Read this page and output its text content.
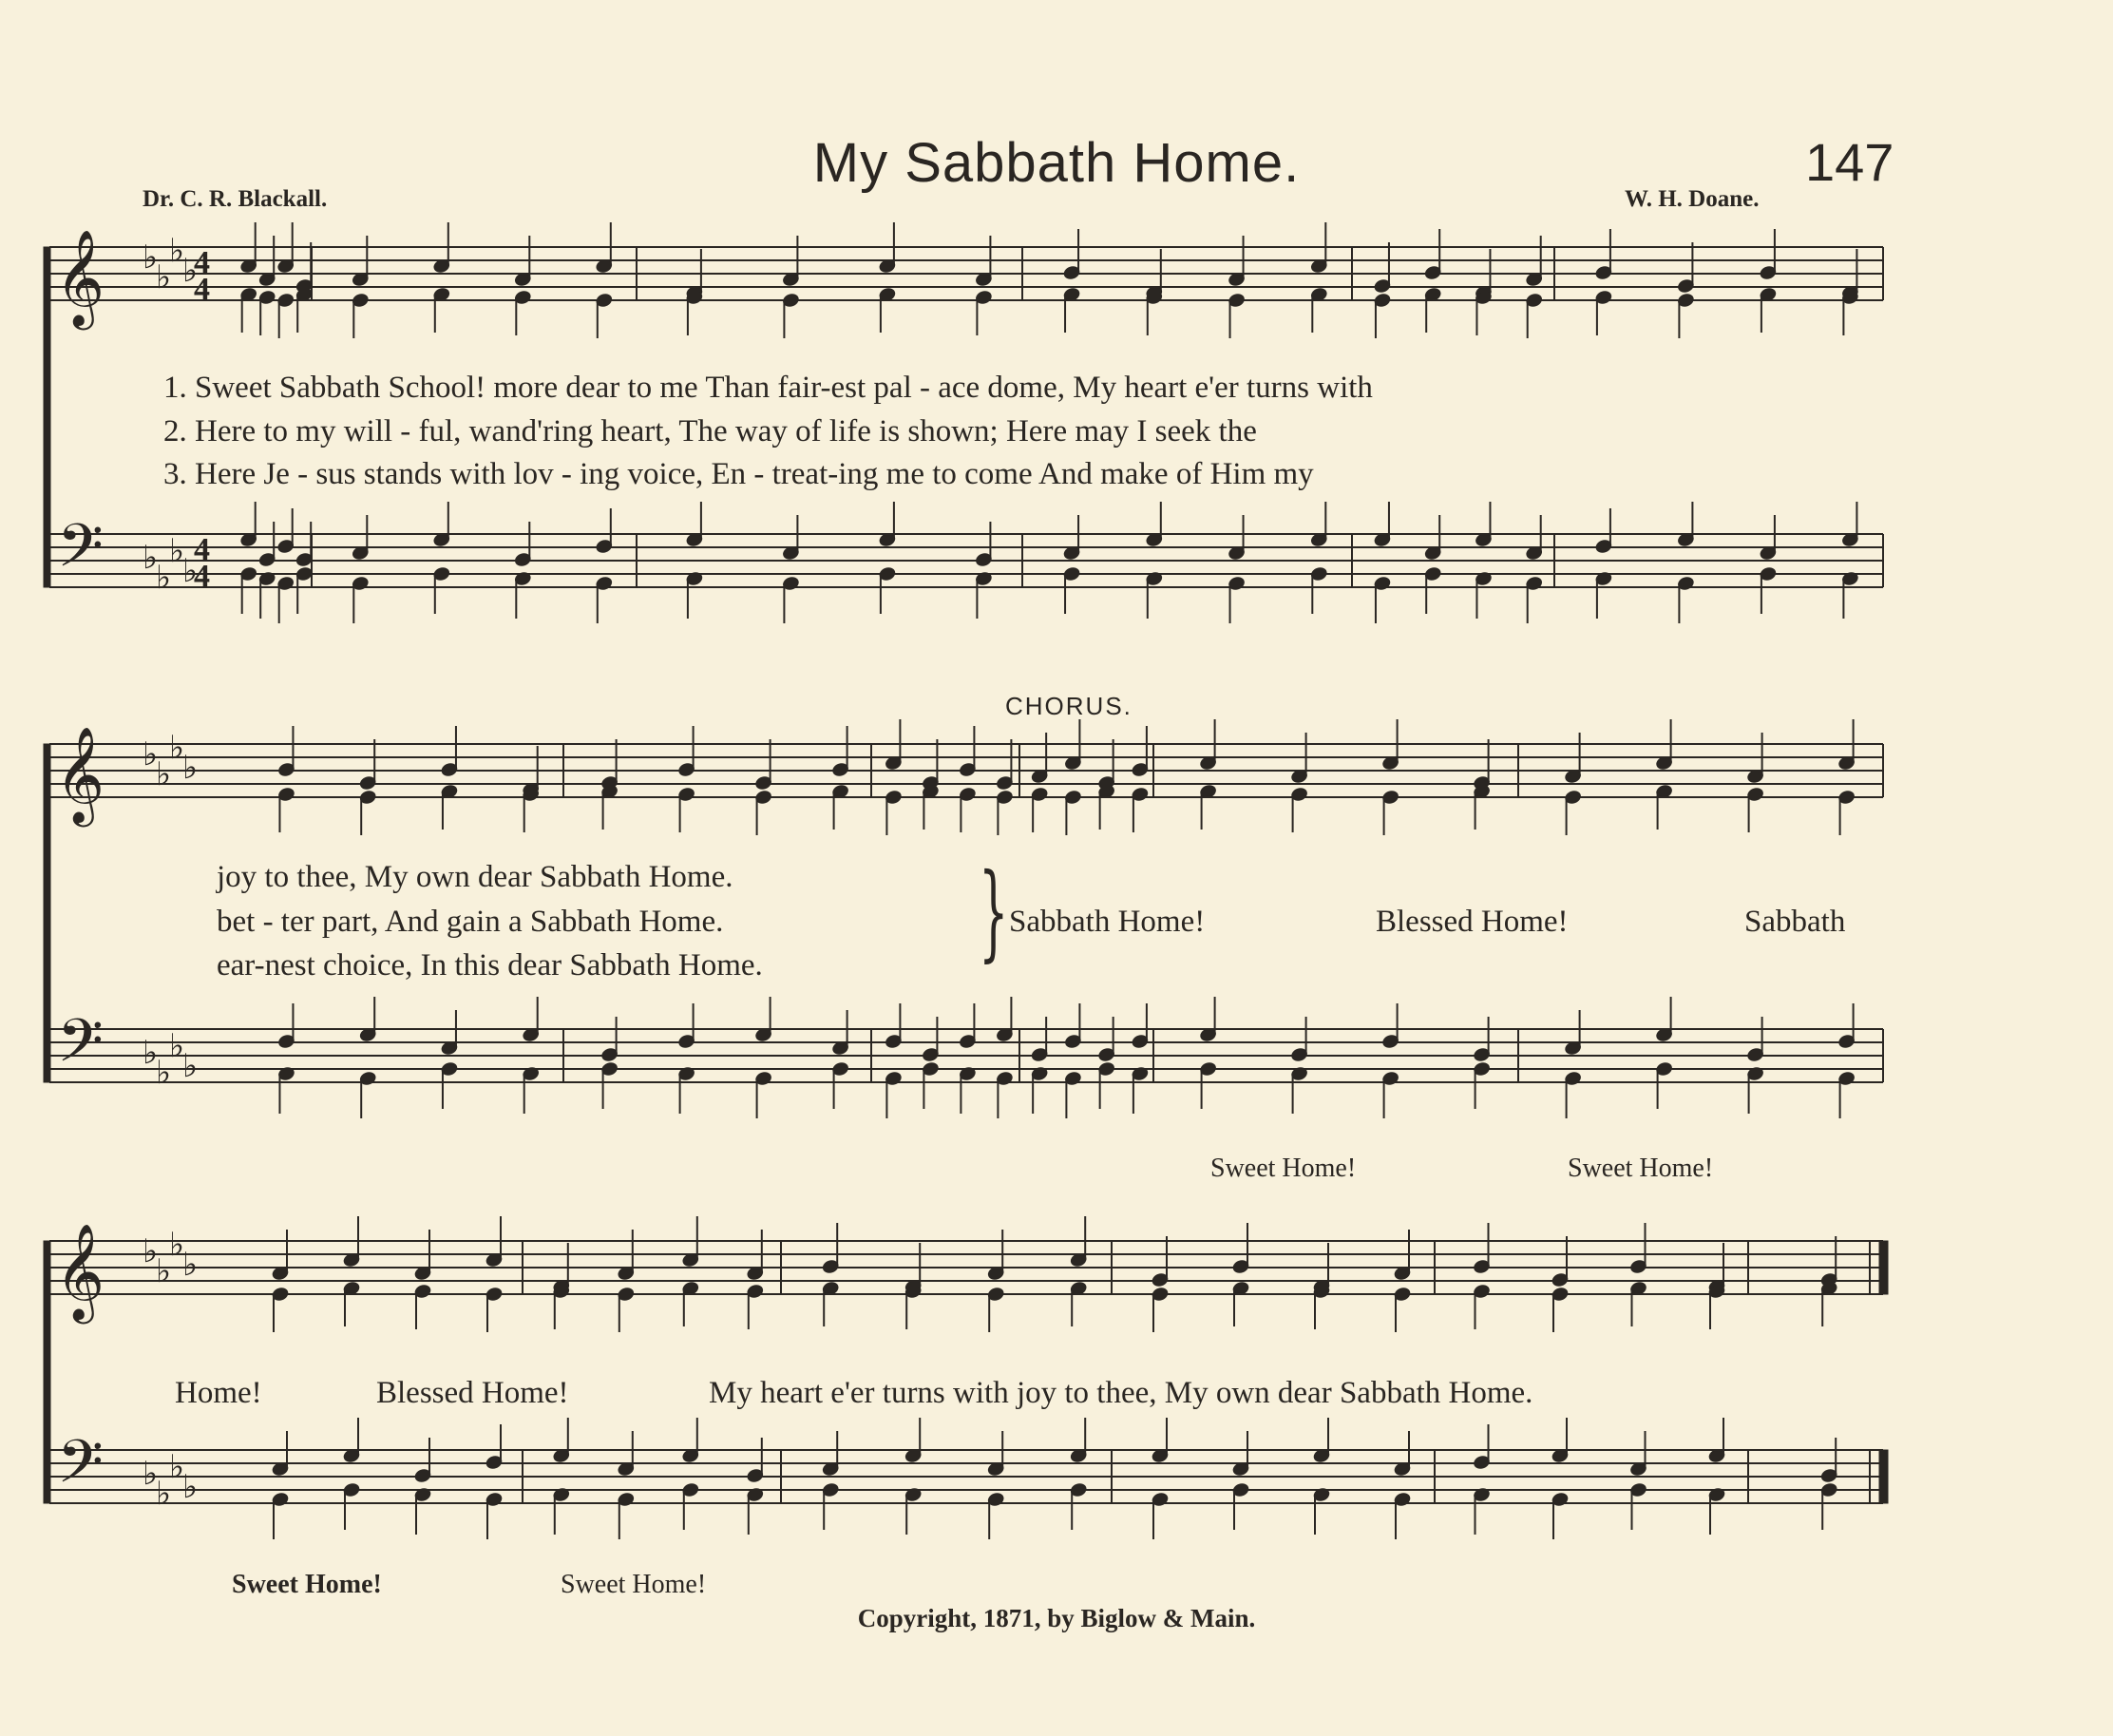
𝄞
𝄢
♭
♭
♭
♭
♭
♭
♭
♭
4
4
4
4
𝄞
𝄢
♭
♭
♭
♭
♭
♭
♭
♭
𝄞
𝄢
♭
♭
♭
♭
♭
♭
♭
♭
My Sabbath Home.	147
Dr. C. R. Blackall.	W. H. Doane.
1. Sweet Sabbath School! more dear to me Than fair-est pal - ace dome, My heart e'er turns with
2. Here to my will - ful, wand'ring heart, The way of life is shown; Here may I seek the
3. Here Je - sus stands with lov - ing voice, En - treat-ing me to come And make of Him my
CHORUS.
joy to thee, My own dear Sabbath Home.
bet - ter part, And gain a Sabbath Home.
ear-nest choice, In this dear Sabbath Home. } Sabbath Home!	Blessed Home!	Sabbath
Sweet Home!	Sweet Home!
Home!	Blessed Home!	My heart e'er turns with joy to thee, My own dear Sabbath Home.
Sweet Home!	Sweet Home!
Copyright, 1871, by Biglow & Main.
